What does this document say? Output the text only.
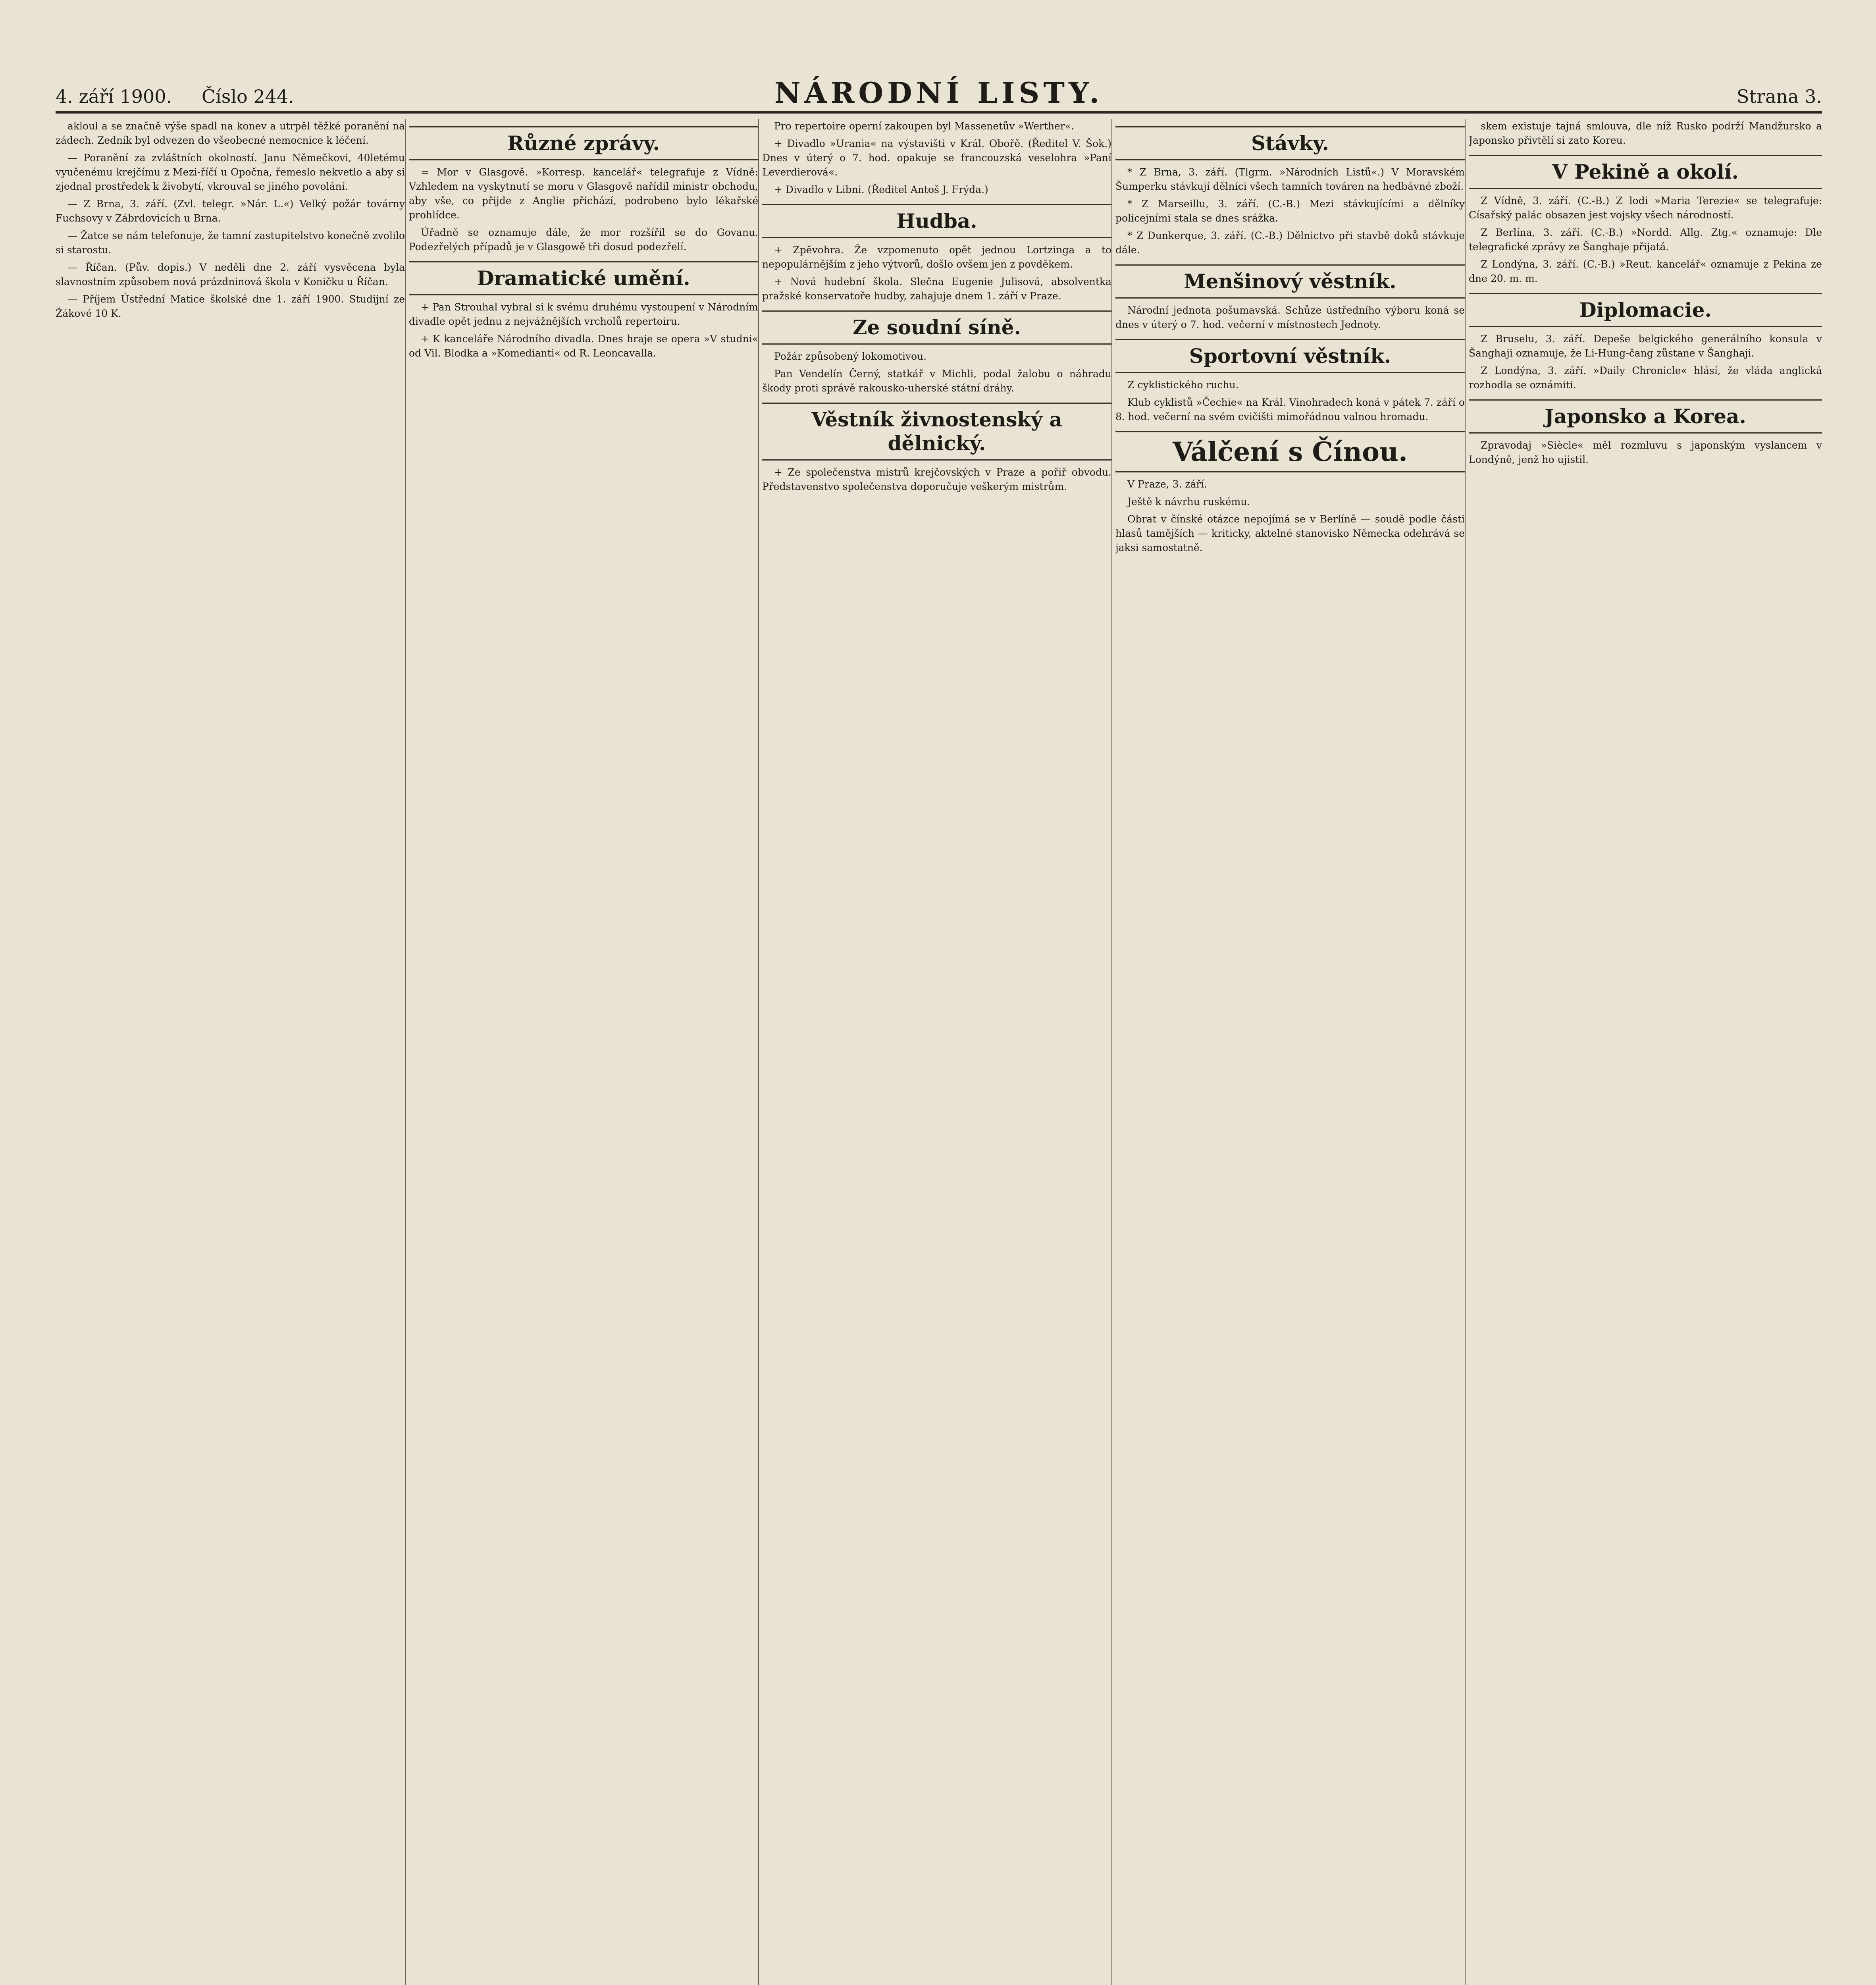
4. září 1900. Číslo 244.	NÁRODNÍ LISTY.	Strana 3.

akloul a se značně výše spadl na konev a utrpěl těžké poranění na zádech. Zedník byl odvezen do všeobecné nemocnice k léčení.

— Poranění za zvláštních okolností. Janu Němečkovi, 40letému vyučenému krejčímu z Mezi-říčí u Opočna, řemeslo nekvetlo a aby si zjednal prostředek k živobytí, vkrouval se jiného povolání.

— Z Brna, 3. září. (Zvl. telegr. »Nár. L.«) Velký požár továrny Fuchsovy v Zábrdovicích u Brna.

— Žatce se nám telefonuje, že tamní zastupitelstvo konečně zvolilo si starostu.

— Říčan. (Pův. dopis.) V neděli dne 2. září vysvěcena byla slavnostním způsobem nová prázdninová škola v Koničku u Říčan.

— Příjem Ústřední Matice školské dne 1. září 1900. Studijní ze Žákové 10 K.

Různé zprávy.

= Mor v Glasgově. »Korresp. kancelář« telegrafuje z Vídně: Vzhledem na vyskytnutí se moru v Glasgově nařídil ministr obchodu, aby vše, co přijde z Anglie přichází, podrobeno bylo lékařské prohlídce.

Úřadně se oznamuje dále, že mor rozšířil se do Govanu. Podezřelých případů je v Glasgowě tři dosud podezřelí.

Dramatické umění.

+ Pan Strouhal vybral si k svému druhému vystoupení v Národním divadle opět jednu z nejvážnějších vrcholů repertoiru.

+ K kanceláře Národního divadla. Dnes hraje se opera »V studni« od Vil. Blodka a »Komedianti« od R. Leoncavalla.

Pro repertoire operní zakoupen byl Massenetův »Werther«.

+ Divadlo »Urania« na výstavišti v Král. Obořě. (Ředitel V. Šok.) Dnes v úterý o 7. hod. opakuje se francouzská veselohra »Paní Leverdierová«.

+ Divadlo v Libni. (Ředitel Antoš J. Frýda.)

Hudba.

+ Zpěvohra. Že vzpomenuto opět jednou Lortzinga a to nepopulárnějším z jeho výtvorů, došlo ovšem jen z povděkem.

+ Nová hudební škola. Slečna Eugenie Julisová, absolventka pražské konservatoře hudby, zahajuje dnem 1. září v Praze.

Ze soudní síně.

Požár způsobený lokomotivou.

Pan Vendelín Černý, statkář v Michli, podal žalobu o náhradu škody proti správě rakousko-uherské státní dráhy.

Věstník živnostenský a dělnický.

+ Ze společenstva mistrů krejčovských v Praze a pořiř obvodu. Představenstvo společenstva doporučuje veškerým mistrům.

Stávky.

* Z Brna, 3. září. (Tlgrm. »Národních Listů«.) V Moravském Šumperku stávkují dělníci všech tamních továren na hedbávné zboží.

* Z Marseillu, 3. září. (C.-B.) Mezi stávkujícími a dělníky policejními stala se dnes srážka.

* Z Dunkerque, 3. září. (C.-B.) Dělnictvo při stavbě doků stávkuje dále.

Menšinový věstník.

Národní jednota pošumavská. Schůze ústředního výboru koná se dnes v úterý o 7. hod. večerní v místnostech Jednoty.

Sportovní věstník.

Z cyklistického ruchu.

Klub cyklistů »Čechie« na Král. Vinohradech koná v pátek 7. září o 8. hod. večerní na svém cvičišti mimořádnou valnou hromadu.

Válčení s Čínou.

V Praze, 3. září.

Ještě k návrhu ruskému.

Obrat v čínské otázce nepojímá se v Berlíně — soudě podle části hlasů tamějších — kriticky, aktelné stanovisko Německa odehrává se jaksi samostatně.

skem existuje tajná smlouva, dle níž Rusko podrží Mandžursko a Japonsko přivtělí si zato Koreu.

V Pekině a okolí.

Z Vídně, 3. září. (C.-B.) Z lodi »Maria Terezie« se telegrafuje: Císařský palác obsazen jest vojsky všech národností.

Z Berlína, 3. září. (C.-B.) »Nordd. Allg. Ztg.« oznamuje: Dle telegrafické zprávy ze Šanghaje přijatá.

Z Londýna, 3. září. (C.-B.) »Reut. kancelář« oznamuje z Pekina ze dne 20. m. m.

Diplomacie.

Z Bruselu, 3. září. Depeše belgického generálního konsula v Šanghaji oznamuje, že Li-Hung-čang zůstane v Šanghaji.

Z Londýna, 3. září. »Daily Chronicle« hlásí, že vláda anglická rozhodla se oznámiti.

Japonsko a Korea.

Zpravodaj »Siècle« měl rozmluvu s japonským vyslancem v Londýně, jenž ho ujistil.
